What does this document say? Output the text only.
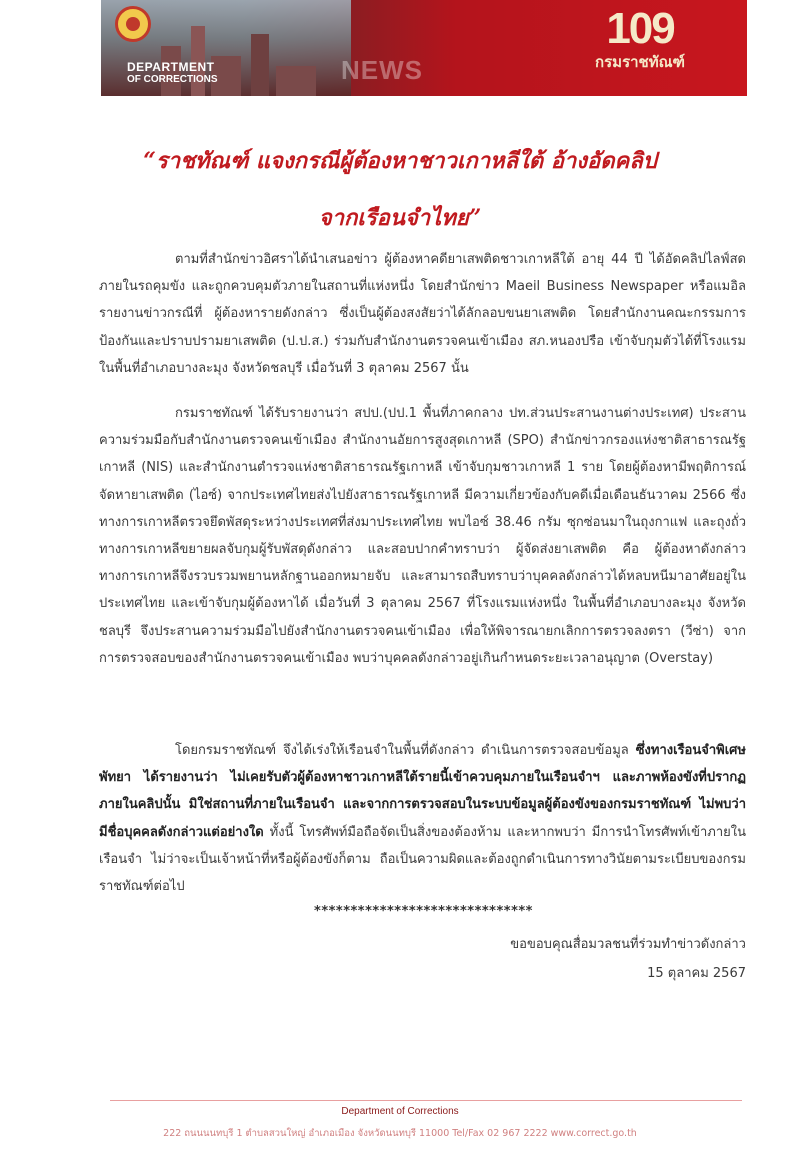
DEPARTMENT
OF CORRECTIONS	NEWS
109
กรมราชทัณฑ์
“ราชทัณฑ์ แจงกรณีผู้ต้องหาชาวเกาหลีใต้ อ้างอัดคลิป
จากเรือนจำไทย”

ตามที่สำนักข่าวอิศราได้นำเสนอข่าว ผู้ต้องหาคดียาเสพติดชาวเกาหลีใต้ อายุ 44 ปี ได้อัดคลิปไลฟ์สดภายในรถคุมขัง และถูกควบคุมตัวภายในสถานที่แห่งหนึ่ง โดยสำนักข่าว Maeil Business Newspaper หรือแมอิล รายงานข่าวกรณีที่ ผู้ต้องหารายดังกล่าว ซึ่งเป็นผู้ต้องสงสัยว่าได้ลักลอบขนยาเสพติด โดยสำนักงานคณะกรรมการป้องกันและปราบปรามยาเสพติด (ป.ป.ส.) ร่วมกับสำนักงานตรวจคนเข้าเมือง สภ.หนองปรือ เข้าจับกุมตัวได้ที่โรงแรมในพื้นที่อำเภอบางละมุง จังหวัดชลบุรี เมื่อวันที่ 3 ตุลาคม 2567 นั้น

กรมราชทัณฑ์ ได้รับรายงานว่า สปป.(ปป.1 พื้นที่ภาคกลาง ปท.ส่วนประสานงานต่างประเทศ) ประสานความร่วมมือกับสำนักงานตรวจคนเข้าเมือง สำนักงานอัยการสูงสุดเกาหลี (SPO) สำนักข่าวกรองแห่งชาติสาธารณรัฐเกาหลี (NIS) และสำนักงานตำรวจแห่งชาติสาธารณรัฐเกาหลี เข้าจับกุมชาวเกาหลี 1 ราย โดยผู้ต้องหามีพฤติการณ์จัดหายาเสพติด (ไอซ์) จากประเทศไทยส่งไปยังสาธารณรัฐเกาหลี มีความเกี่ยวข้องกับคดีเมื่อเดือนธันวาคม 2566 ซึ่งทางการเกาหลีตรวจยึดพัสดุระหว่างประเทศที่ส่งมาประเทศไทย พบไอซ์ 38.46 กรัม ซุกซ่อนมาในถุงกาแฟ และถุงถั่ว ทางการเกาหลีขยายผลจับกุมผู้รับพัสดุดังกล่าว และสอบปากคำทราบว่า ผู้จัดส่งยาเสพติด คือ ผู้ต้องหาดังกล่าว ทางการเกาหลีจึงรวบรวมพยานหลักฐานออกหมายจับ และสามารถสืบทราบว่าบุคคลดังกล่าวได้หลบหนีมาอาศัยอยู่ในประเทศไทย และเข้าจับกุมผู้ต้องหาได้ เมื่อวันที่ 3 ตุลาคม 2567 ที่โรงแรมแห่งหนึ่ง ในพื้นที่อำเภอบางละมุง จังหวัดชลบุรี จึงประสานความร่วมมือไปยังสำนักงานตรวจคนเข้าเมือง เพื่อให้พิจารณายกเลิกการตรวจลงตรา (วีซ่า) จากการตรวจสอบของสำนักงานตรวจคนเข้าเมือง พบว่าบุคคลดังกล่าวอยู่เกินกำหนดระยะเวลาอนุญาต (Overstay)

โดยกรมราชทัณฑ์ จึงได้เร่งให้เรือนจำในพื้นที่ดังกล่าว ดำเนินการตรวจสอบข้อมูล ซึ่งทางเรือนจำพิเศษพัทยา ได้รายงานว่า ไม่เคยรับตัวผู้ต้องหาชาวเกาหลีใต้รายนี้เข้าควบคุมภายในเรือนจำฯ และภาพห้องขังที่ปรากฏภายในคลิปนั้น มิใช่สถานที่ภายในเรือนจำ และจากการตรวจสอบในระบบข้อมูลผู้ต้องขังของกรมราชทัณฑ์ ไม่พบว่ามีชื่อบุคคลดังกล่าวแต่อย่างใด ทั้งนี้ โทรศัพท์มือถือจัดเป็นสิ่งของต้องห้าม และหากพบว่า มีการนำโทรศัพท์เข้าภายในเรือนจำ ไม่ว่าจะเป็นเจ้าหน้าที่หรือผู้ต้องขังก็ตาม ถือเป็นความผิดและต้องถูกดำเนินการทางวินัยตามระเบียบของกรมราชทัณฑ์ต่อไป

******************************
ขอขอบคุณสื่อมวลชนที่ร่วมทำข่าวดังกล่าว
15 ตุลาคม 2567
Department of Corrections
222 ถนนนนทบุรี 1 ตำบลสวนใหญ่ อำเภอเมือง จังหวัดนนทบุรี 11000 Tel/Fax 02 967 2222 www.correct.go.th
